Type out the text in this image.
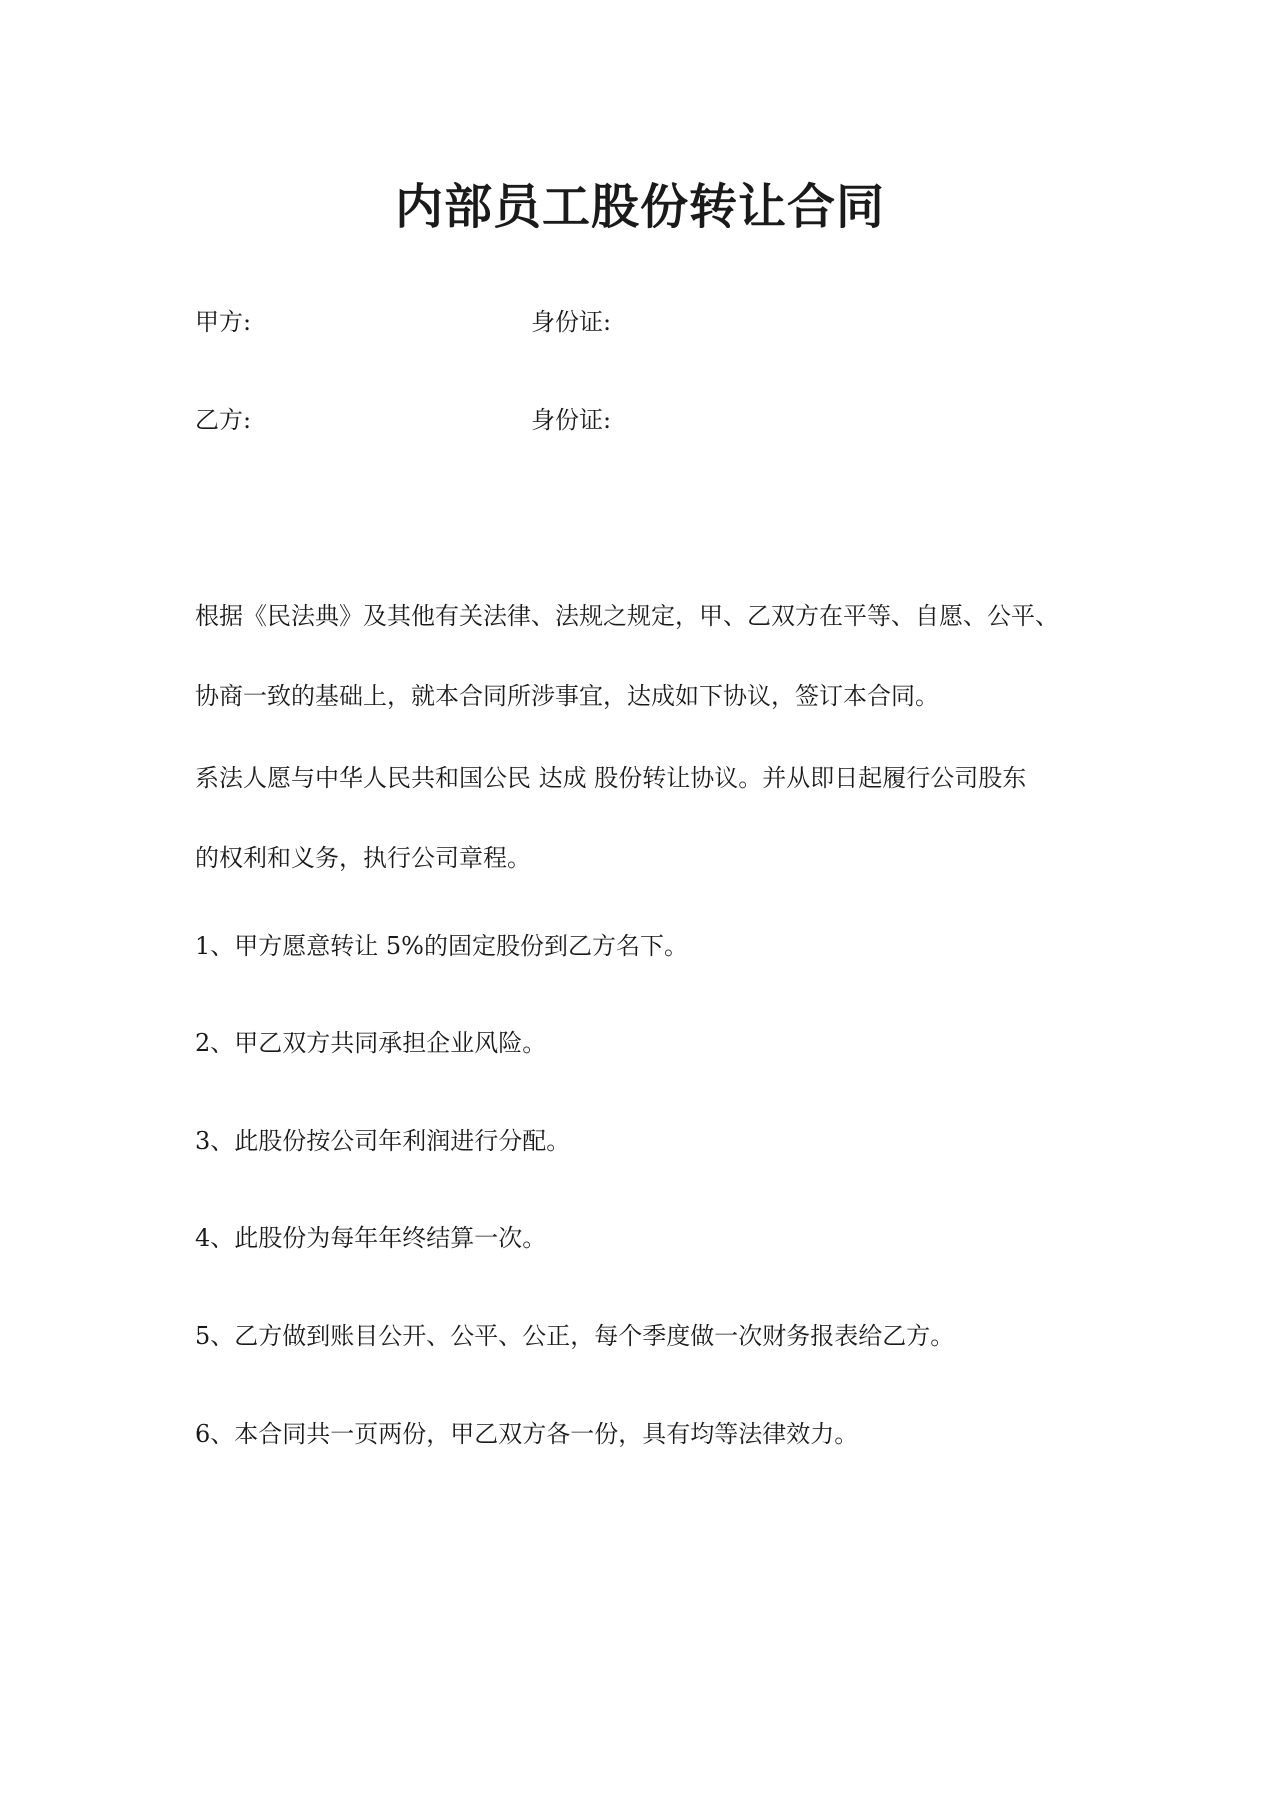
内部员工股份转让合同
甲方:	身份证:
乙方:	身份证:
根据《民法典》及其他有关法律、法规之规定，甲、乙双方在平等、自愿、公平、
协商一致的基础上，就本合同所涉事宜，达成如下协议，签订本合同。
系法人愿与中华人民共和国公民 达成 股份转让协议。并从即日起履行公司股东
的权利和义务，执行公司章程。
1、甲方愿意转让 5%的固定股份到乙方名下。
2、甲乙双方共同承担企业风险。
3、此股份按公司年利润进行分配。
4、此股份为每年年终结算一次。
5、乙方做到账目公开、公平、公正，每个季度做一次财务报表给乙方。
6、本合同共一页两份，甲乙双方各一份，具有均等法律效力。
